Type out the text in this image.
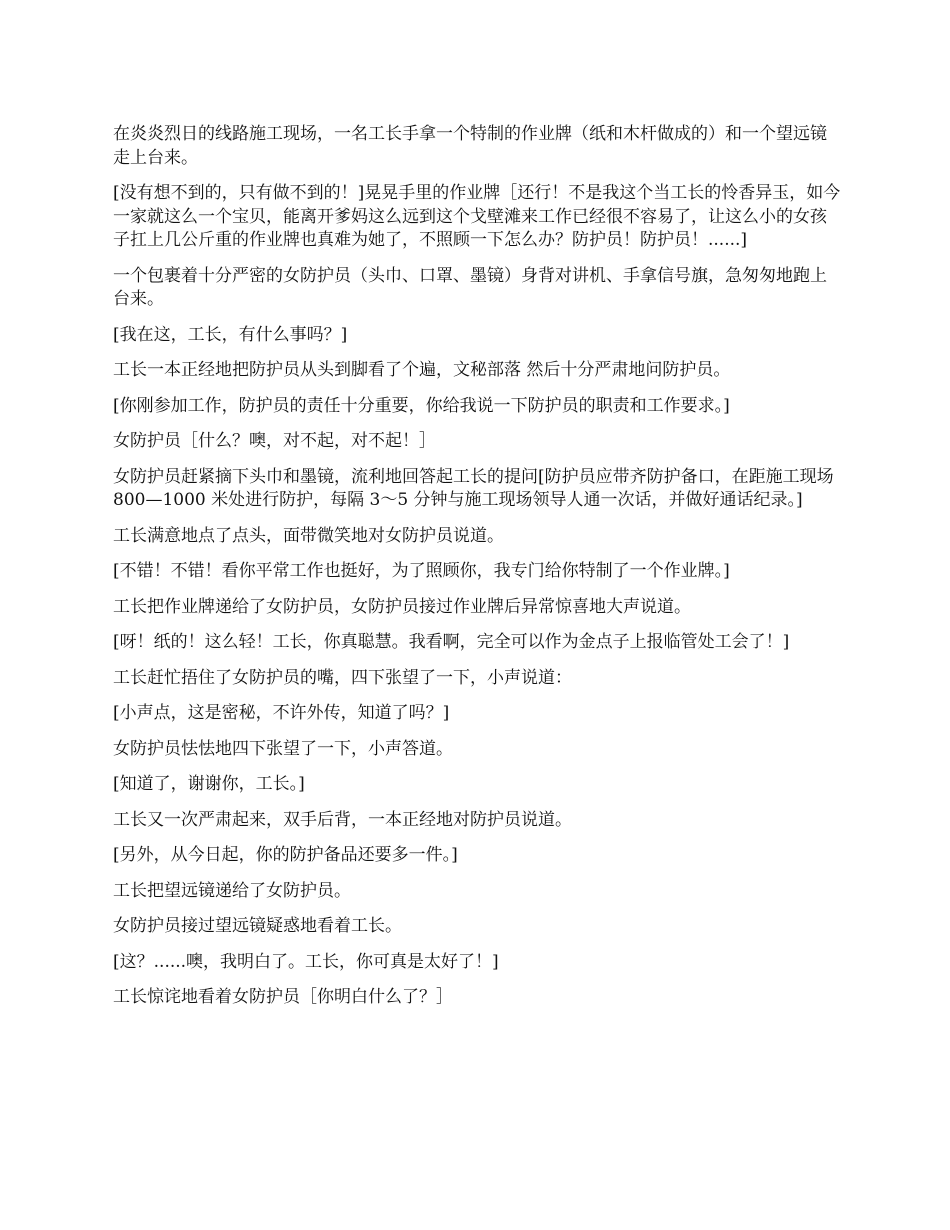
在炎炎烈日的线路施工现场，一名工长手拿一个特制的作业牌（纸和木杆做成的）和一个望远镜走上台来。

[没有想不到的，只有做不到的！]晃晃手里的作业牌［还行！不是我这个当工长的怜香异玉，如今一家就这么一个宝贝，能离开爹妈这么远到这个戈壁滩来工作已经很不容易了，让这么小的女孩子扛上几公斤重的作业牌也真难为她了，不照顾一下怎么办？防护员！防护员！......]

一个包裹着十分严密的女防护员（头巾、口罩、墨镜）身背对讲机、手拿信号旗，急匆匆地跑上台来。

[我在这，工长，有什么事吗？]

工长一本正经地把防护员从头到脚看了个遍，文秘部落 然后十分严肃地问防护员。

[你刚参加工作，防护员的责任十分重要，你给我说一下防护员的职责和工作要求。]

女防护员［什么？噢，对不起，对不起！］

女防护员赶紧摘下头巾和墨镜，流利地回答起工长的提问[防护员应带齐防护备口，在距施工现场 800—1000 米处进行防护，每隔 3～5 分钟与施工现场领导人通一次话，并做好通话纪录。]

工长满意地点了点头，面带微笑地对女防护员说道。

[不错！不错！看你平常工作也挺好，为了照顾你，我专门给你特制了一个作业牌。]

工长把作业牌递给了女防护员，女防护员接过作业牌后异常惊喜地大声说道。

[呀！纸的！这么轻！工长，你真聪慧。我看啊，完全可以作为金点子上报临管处工会了！]

工长赶忙捂住了女防护员的嘴，四下张望了一下，小声说道：

[小声点，这是密秘，不许外传，知道了吗？]

女防护员怯怯地四下张望了一下，小声答道。

[知道了，谢谢你，工长。]

工长又一次严肃起来，双手后背，一本正经地对防护员说道。

[另外，从今日起，你的防护备品还要多一件。]

工长把望远镜递给了女防护员。

女防护员接过望远镜疑惑地看着工长。

[这？......噢，我明白了。工长，你可真是太好了！]

工长惊诧地看着女防护员［你明白什么了？］
